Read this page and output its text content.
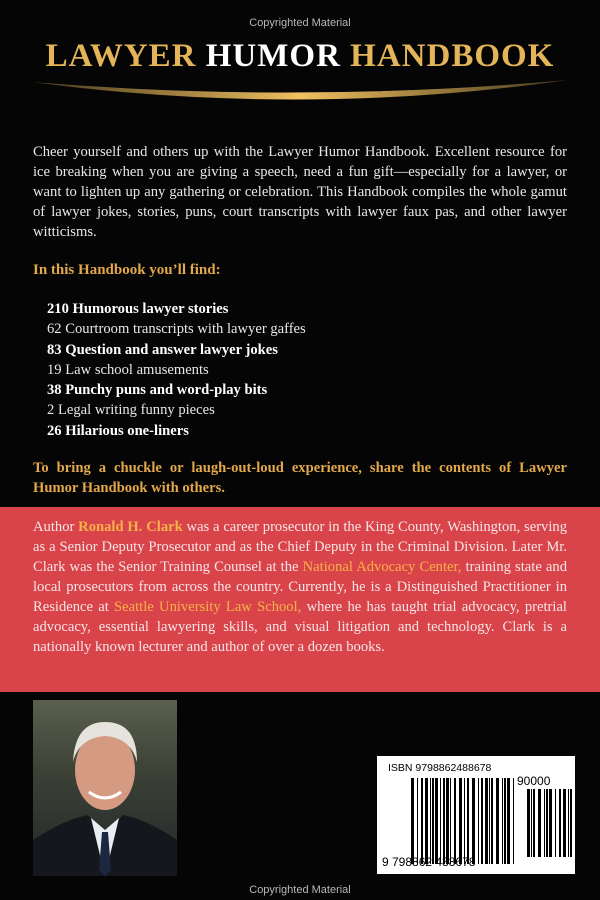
Copyrighted Material
LAWYER HUMOR HANDBOOK

Cheer yourself and others up with the Lawyer Humor Handbook. Excellent resource for ice breaking when you are giving a speech, need a fun gift—especially for a lawyer, or want to lighten up any gathering or celebration. This Handbook compiles the whole gamut of lawyer jokes, stories, puns, court transcripts with lawyer faux pas, and other lawyer witticisms.

In this Handbook you’ll find:
210 Humorous lawyer stories
62 Courtroom transcripts with lawyer gaffes
83 Question and answer lawyer jokes
19 Law school amusements
38 Punchy puns and word-play bits
2 Legal writing funny pieces
26 Hilarious one-liners

To bring a chuckle or laugh-out-loud experience, share the contents of Lawyer Humor Handbook with others.

Author Ronald H. Clark was a career prosecutor in the King County, Washington, serving as a Senior Deputy Prosecutor and as the Chief Deputy in the Criminal Division. Later Mr. Clark was the Senior Training Counsel at the National Advocacy Center, training state and local prosecutors from across the country. Currently, he is a Distinguished Practitioner in Residence at Seattle University Law School, where he has taught trial advocacy, pretrial advocacy, essential lawyering skills, and visual litigation and technology. Clark is a nationally known lecturer and author of over a dozen books.

ISBN 9798862488678
90000
9 798862 488678
Copyrighted Material
